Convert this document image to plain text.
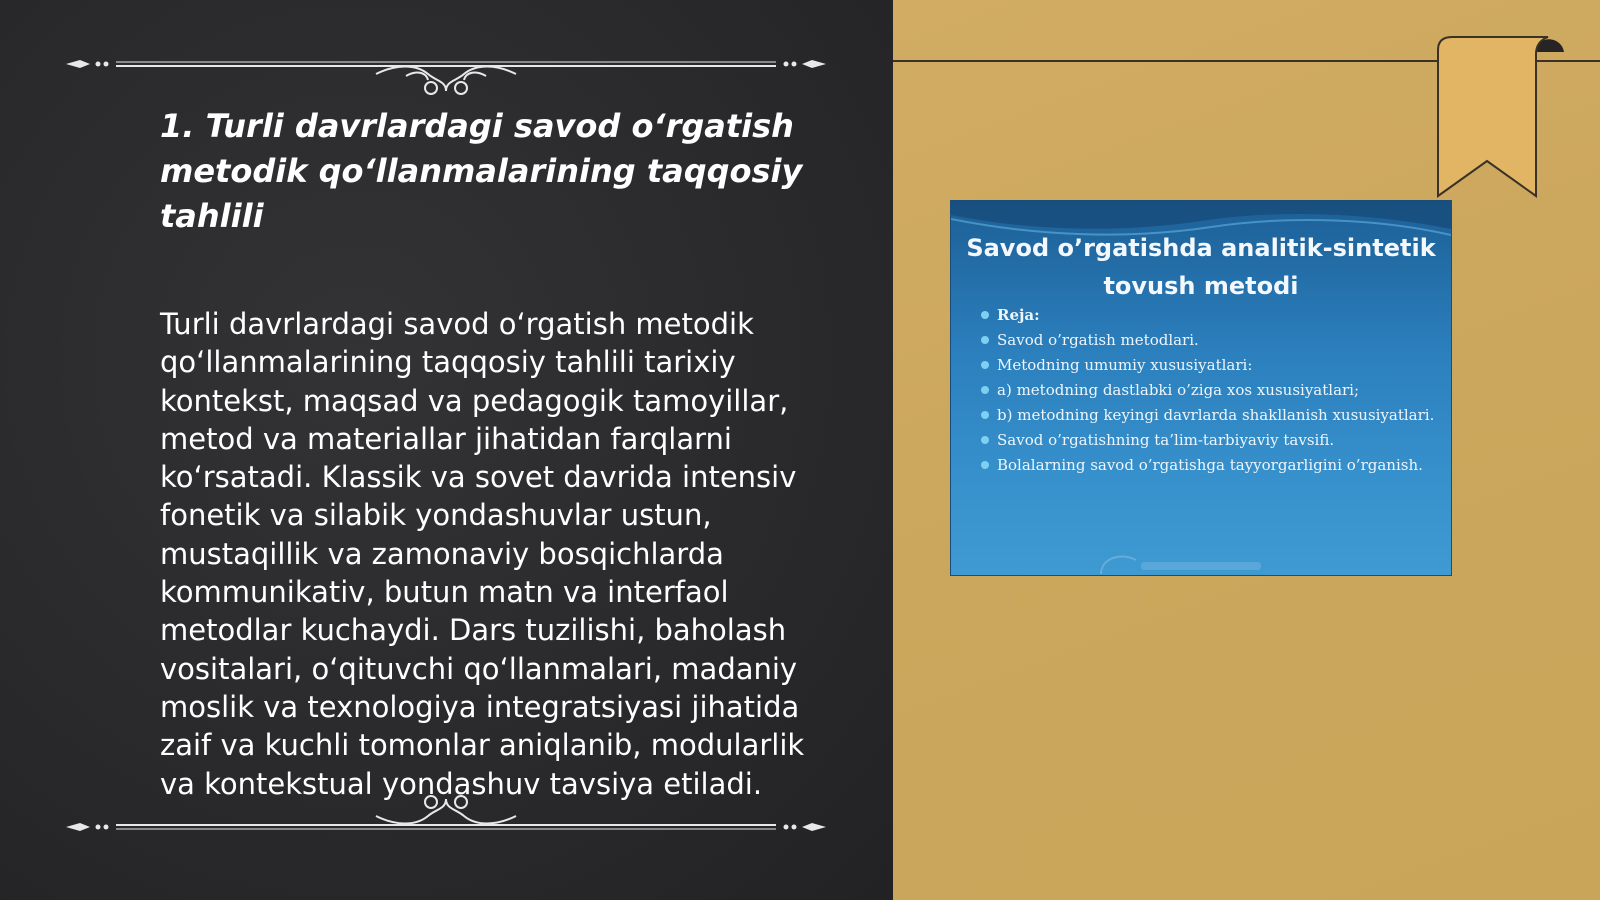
1. Turli davrlardagi savod o‘rgatish metodik qo‘llanmalarining taqqosiy tahlili

Turli davrlardagi savod o‘rgatish metodik qo‘llanmalarining taqqosiy tahlili tarixiy kontekst, maqsad va pedagogik tamoyillar, metod va materiallar jihatidan farqlarni ko‘rsatadi. Klassik va sovet davrida intensiv fonetik va silabik yondashuvlar ustun, mustaqillik va zamonaviy bosqichlarda kommunikativ, butun matn va interfaol metodlar kuchaydi. Dars tuzilishi, baholash vositalari, o‘qituvchi qo‘llanmalari, madaniy moslik va texnologiya integratsiyasi jihatida zaif va kuchli tomonlar aniqlanib, modularlik va kontekstual yondashuv tavsiya etiladi.

Savod o’rgatishda analitik-sintetik tovush metodi
Reja:
Savod o’rgatish metodlari.
Metodning umumiy xususiyatlari:
a) metodning dastlabki o’ziga xos xususiyatlari;
b) metodning keyingi davrlarda shakllanish xususiyatlari.
Savod o’rgatishning ta’lim-tarbiyaviy tavsifi.
Bolalarning savod o’rgatishga tayyorgarligini o’rganish.
